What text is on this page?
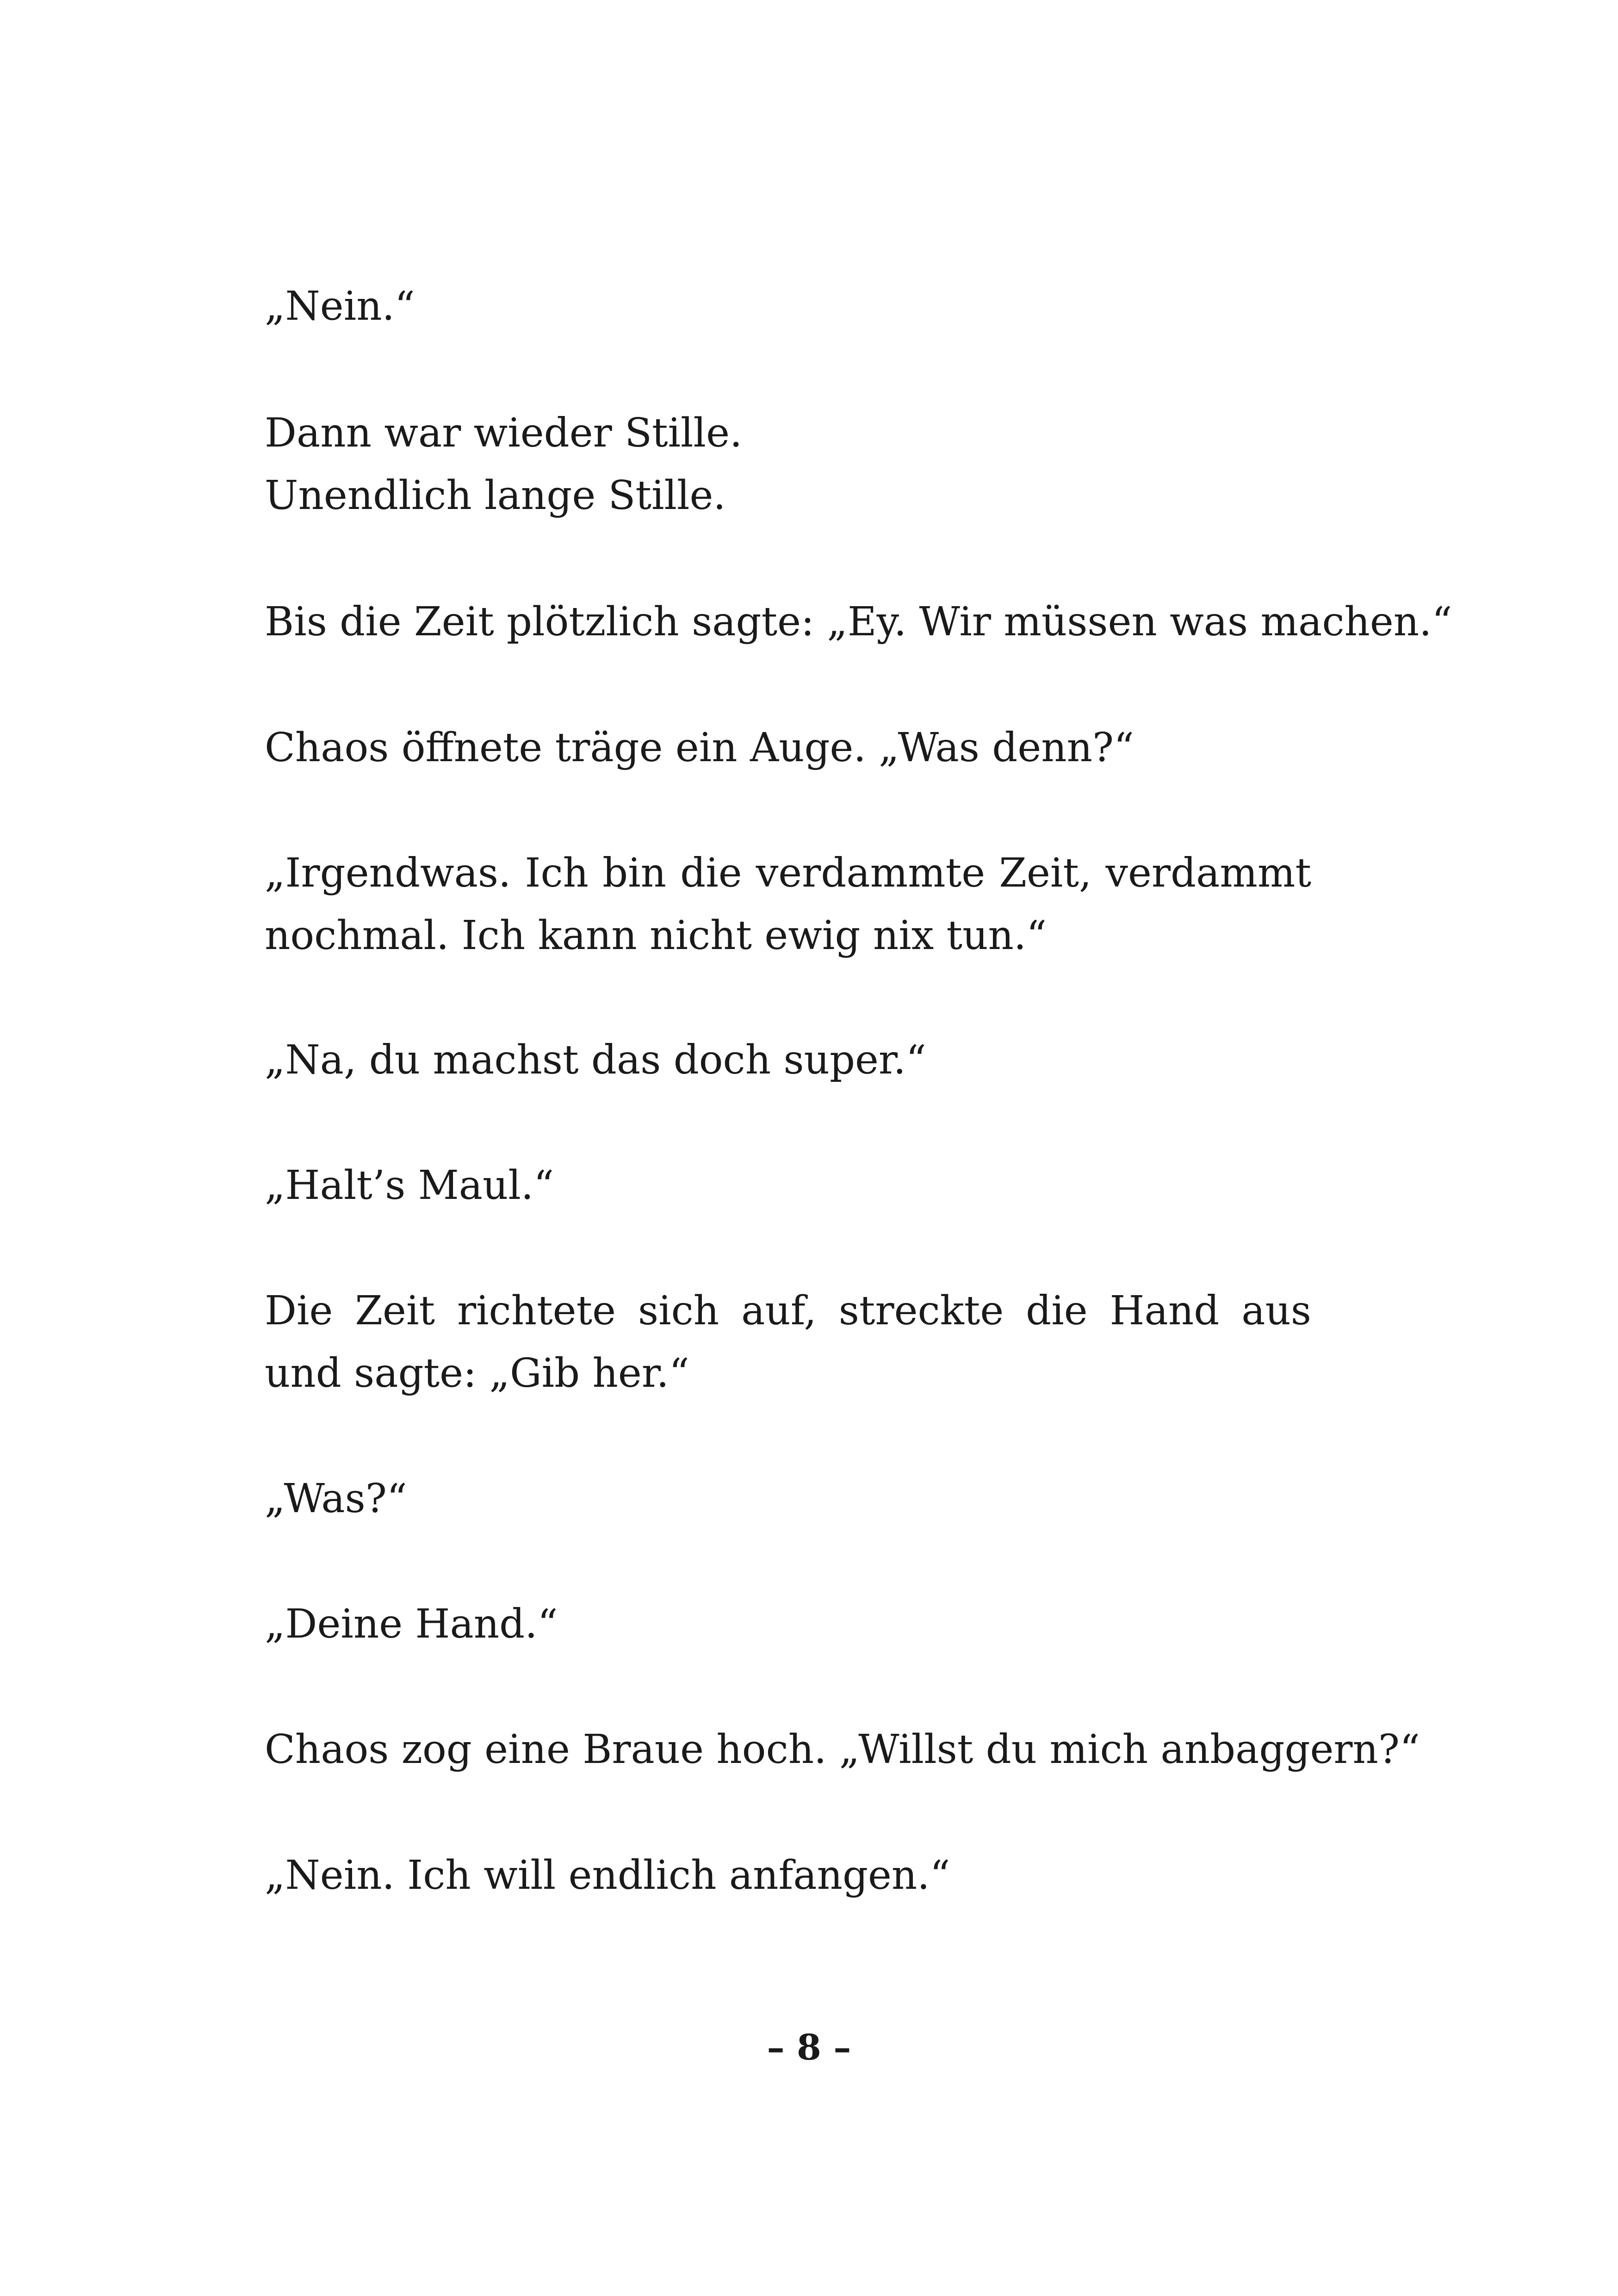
„Nein.“

Dann war wieder Stille.
Unendlich lange Stille.

Bis die Zeit plötzlich sagte: „Ey. Wir müssen was machen.“

Chaos öffnete träge ein Auge. „Was denn?“

„Irgendwas. Ich bin die verdammte Zeit, verdammt nochmal. Ich kann nicht ewig nix tun.“

„Na, du machst das doch super.“

„Halt’s Maul.“

Die Zeit richtete sich auf, streckte die Hand aus und sagte: „Gib her.“

„Was?“

„Deine Hand.“

Chaos zog eine Braue hoch. „Willst du mich anbaggern?“

„Nein. Ich will endlich anfangen.“

– 8 –
